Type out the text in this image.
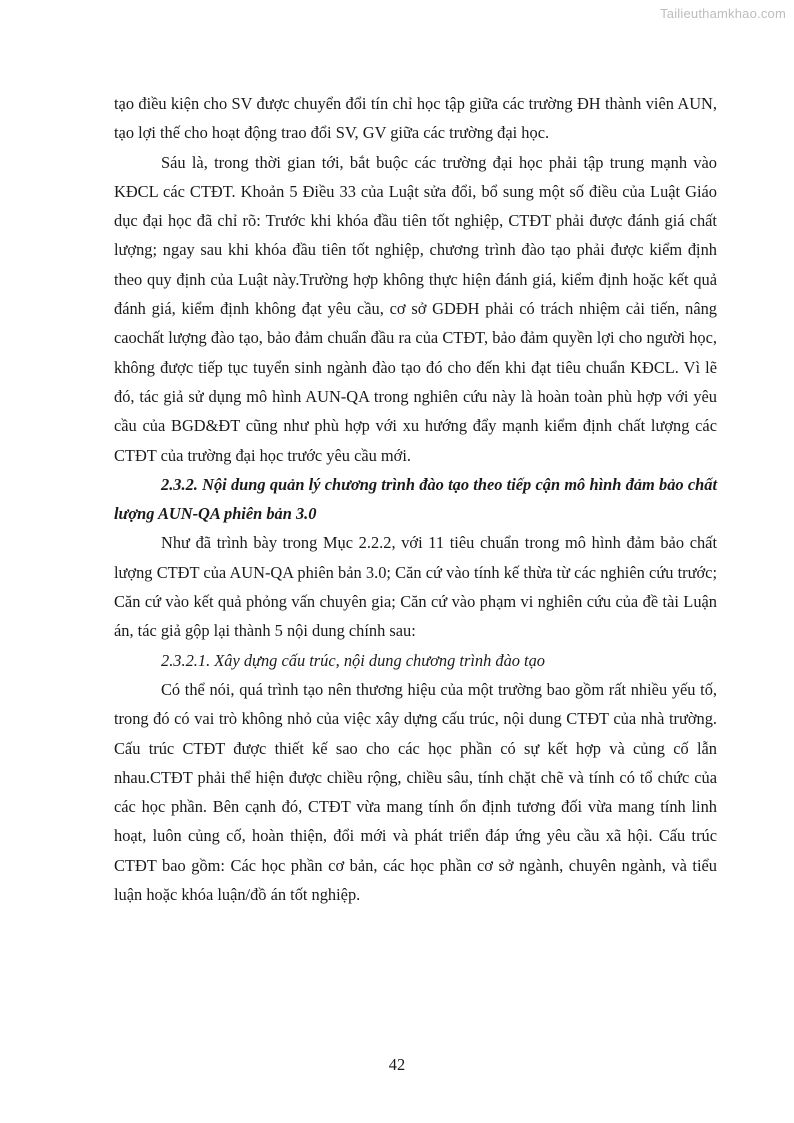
Tailieuthamkhao.com

tạo điều kiện cho SV được chuyển đổi tín chỉ học tập giữa các trường ĐH thành viên AUN, tạo lợi thế cho hoạt động trao đổi SV, GV giữa các trường đại học.

Sáu là, trong thời gian tới, bắt buộc các trường đại học phải tập trung mạnh vào KĐCL các CTĐT. Khoản 5 Điều 33 của Luật sửa đổi, bổ sung một số điều của Luật Giáo dục đại học đã chỉ rõ: Trước khi khóa đầu tiên tốt nghiệp, CTĐT phải được đánh giá chất lượng; ngay sau khi khóa đầu tiên tốt nghiệp, chương trình đào tạo phải được kiểm định theo quy định của Luật này.Trường hợp không thực hiện đánh giá, kiểm định hoặc kết quả đánh giá, kiểm định không đạt yêu cầu, cơ sở GDĐH phải có trách nhiệm cải tiến, nâng caochất lượng đào tạo, bảo đảm chuẩn đầu ra của CTĐT, bảo đảm quyền lợi cho người học, không được tiếp tục tuyển sinh ngành đào tạo đó cho đến khi đạt tiêu chuẩn KĐCL. Vì lẽ đó, tác giả sử dụng mô hình AUN-QA trong nghiên cứu này là hoàn toàn phù hợp với yêu cầu của BGD&ĐT cũng như phù hợp với xu hướng đẩy mạnh kiểm định chất lượng các CTĐT của trường đại học trước yêu cầu mới.

2.3.2. Nội dung quản lý chương trình đào tạo theo tiếp cận mô hình đảm bảo chất lượng AUN-QA phiên bản 3.0

Như đã trình bày trong Mục 2.2.2, với 11 tiêu chuẩn trong mô hình đảm bảo chất lượng CTĐT của AUN-QA phiên bản 3.0; Căn cứ vào tính kế thừa từ các nghiên cứu trước; Căn cứ vào kết quả phỏng vấn chuyên gia; Căn cứ vào phạm vi nghiên cứu của đề tài Luận án, tác giả gộp lại thành 5 nội dung chính sau:

2.3.2.1. Xây dựng cấu trúc, nội dung chương trình đào tạo

Có thể nói, quá trình tạo nên thương hiệu của một trường bao gồm rất nhiều yếu tố, trong đó có vai trò không nhỏ của việc xây dựng cấu trúc, nội dung CTĐT của nhà trường. Cấu trúc CTĐT được thiết kế sao cho các học phần có sự kết hợp và củng cố lẫn nhau.CTĐT phải thể hiện được chiều rộng, chiều sâu, tính chặt chẽ và tính có tổ chức của các học phần. Bên cạnh đó, CTĐT vừa mang tính ổn định tương đối vừa mang tính linh hoạt, luôn củng cố, hoàn thiện, đổi mới và phát triển đáp ứng yêu cầu xã hội. Cấu trúc CTĐT bao gồm: Các học phần cơ bản, các học phần cơ sở ngành, chuyên ngành, và tiểu luận hoặc khóa luận/đồ án tốt nghiệp.

42
